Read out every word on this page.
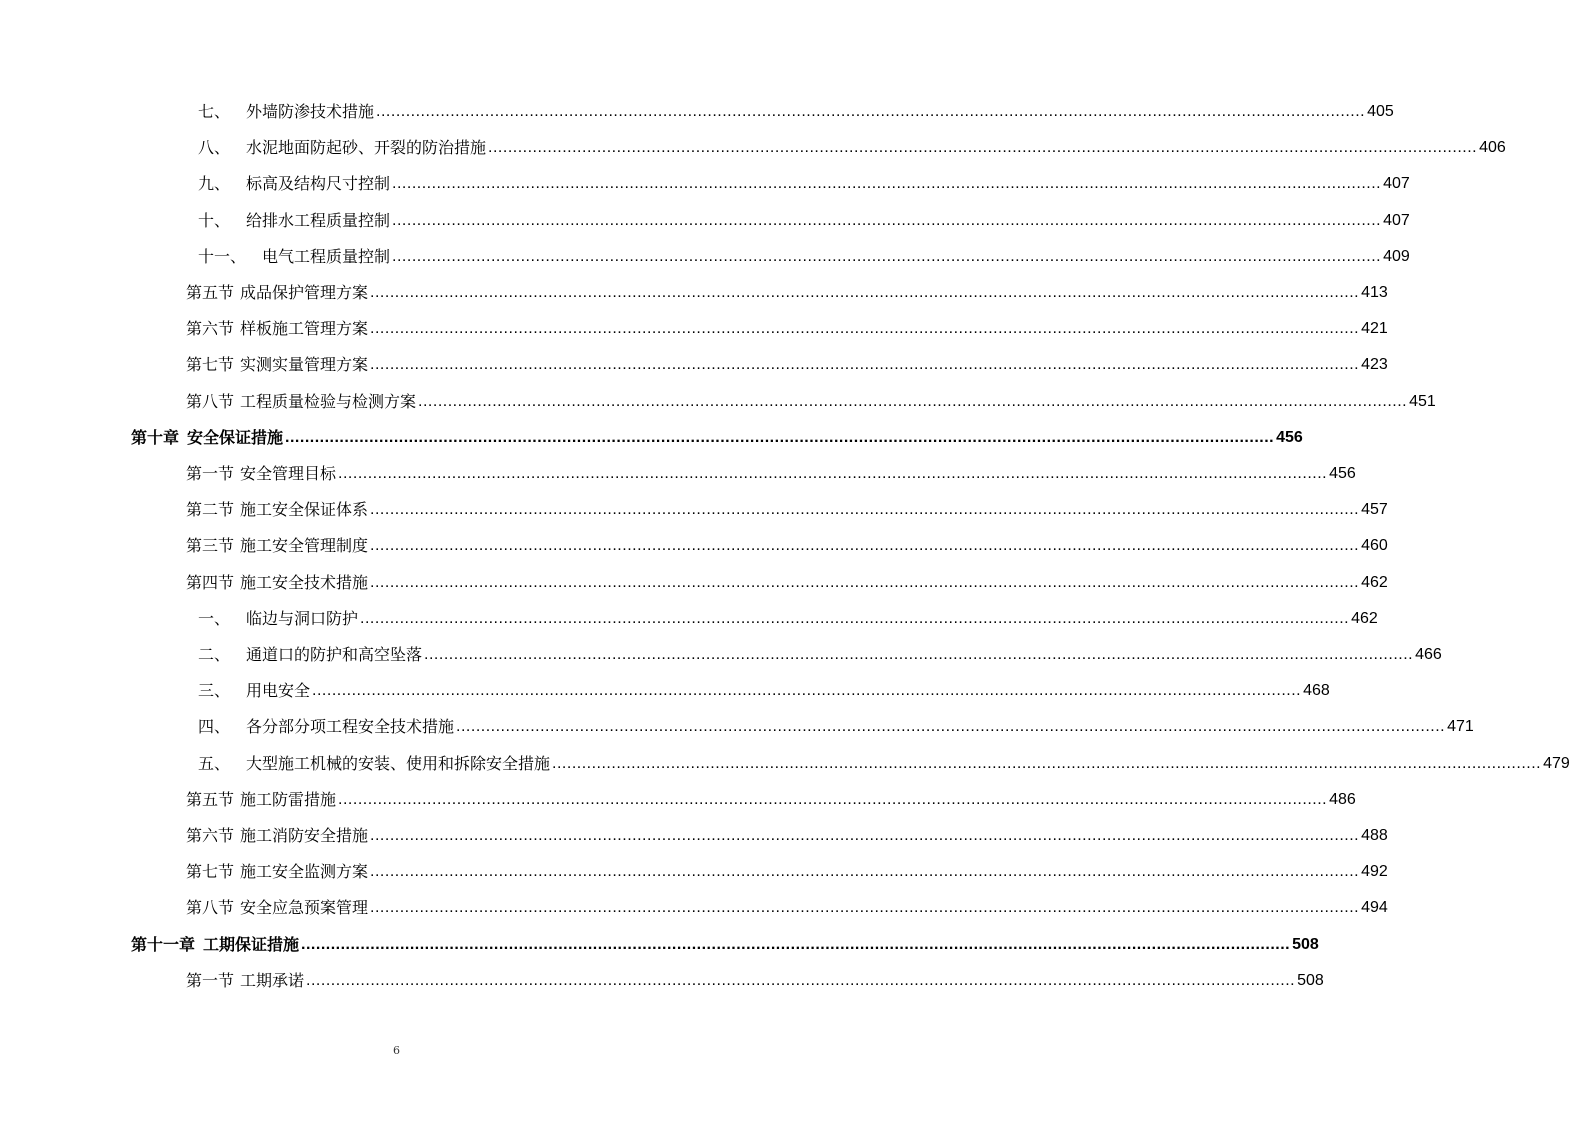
七、 外墙防渗技术措施 ........................................................................................................................................................................................................ 405
八、 水泥地面防起砂、开裂的防治措施 ........................................................................................................................................................................................................ 406
九、 标高及结构尺寸控制 ........................................................................................................................................................................................................ 407
十、 给排水工程质量控制 ........................................................................................................................................................................................................ 407
十一、 电气工程质量控制 ........................................................................................................................................................................................................ 409
第五节 成品保护管理方案 ........................................................................................................................................................................................................ 413
第六节 样板施工管理方案 ........................................................................................................................................................................................................ 421
第七节 实测实量管理方案 ........................................................................................................................................................................................................ 423
第八节 工程质量检验与检测方案 ........................................................................................................................................................................................................ 451
第十章 安全保证措施 ........................................................................................................................................................................................................ 456
第一节 安全管理目标 ........................................................................................................................................................................................................ 456
第二节 施工安全保证体系 ........................................................................................................................................................................................................ 457
第三节 施工安全管理制度 ........................................................................................................................................................................................................ 460
第四节 施工安全技术措施 ........................................................................................................................................................................................................ 462
一、 临边与洞口防护 ........................................................................................................................................................................................................ 462
二、 通道口的防护和高空坠落 ........................................................................................................................................................................................................ 466
三、 用电安全 ........................................................................................................................................................................................................ 468
四、 各分部分项工程安全技术措施 ........................................................................................................................................................................................................ 471
五、 大型施工机械的安装、使用和拆除安全措施 ........................................................................................................................................................................................................ 479
第五节 施工防雷措施 ........................................................................................................................................................................................................ 486
第六节 施工消防安全措施 ........................................................................................................................................................................................................ 488
第七节 施工安全监测方案 ........................................................................................................................................................................................................ 492
第八节 安全应急预案管理 ........................................................................................................................................................................................................ 494
第十一章 工期保证措施 ........................................................................................................................................................................................................ 508
第一节 工期承诺 ........................................................................................................................................................................................................ 508
6
